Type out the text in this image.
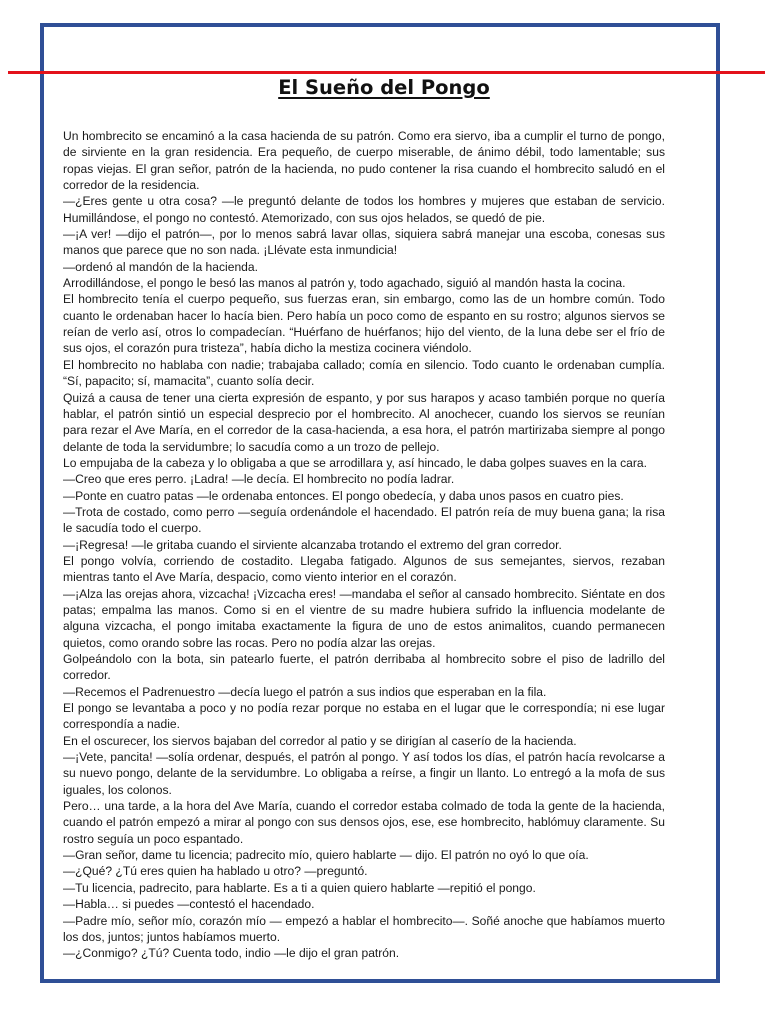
El Sueño del Pongo

Un hombrecito se encaminó a la casa hacienda de su patrón. Como era siervo, iba a cumplir el turno de pongo, de sirviente en la gran residencia. Era pequeño, de cuerpo miserable, de ánimo débil, todo lamentable; sus ropas viejas. El gran señor, patrón de la hacienda, no pudo contener la risa cuando el hombrecito saludó en el corredor de la residencia.

—¿Eres gente u otra cosa? —le preguntó delante de todos los hombres y mujeres que estaban de servicio. Humillándose, el pongo no contestó. Atemorizado, con sus ojos helados, se quedó de pie.

—¡A ver! —dijo el patrón—, por lo menos sabrá lavar ollas, siquiera sabrá manejar una escoba, conesas sus manos que parece que no son nada. ¡Llévate esta inmundicia!

—ordenó al mandón de la hacienda.

Arrodillándose, el pongo le besó las manos al patrón y, todo agachado, siguió al mandón hasta la cocina.

El hombrecito tenía el cuerpo pequeño, sus fuerzas eran, sin embargo, como las de un hombre común. Todo cuanto le ordenaban hacer lo hacía bien. Pero había un poco como de espanto en su rostro; algunos siervos se reían de verlo así, otros lo compadecían. “Huérfano de huérfanos; hijo del viento, de la luna debe ser el frío de sus ojos, el corazón pura tristeza”, había dicho la mestiza cocinera viéndolo.

El hombrecito no hablaba con nadie; trabajaba callado; comía en silencio. Todo cuanto le ordenaban cumplía. “Sí, papacito; sí, mamacita”, cuanto solía decir.

Quizá a causa de tener una cierta expresión de espanto, y por sus harapos y acaso también porque no quería hablar, el patrón sintió un especial desprecio por el hombrecito. Al anochecer, cuando los siervos se reunían para rezar el Ave María, en el corredor de la casa-hacienda, a esa hora, el patrón martirizaba siempre al pongo delante de toda la servidumbre; lo sacudía como a un trozo de pellejo.

Lo empujaba de la cabeza y lo obligaba a que se arrodillara y, así hincado, le daba golpes suaves en la cara.

—Creo que eres perro. ¡Ladra! —le decía. El hombrecito no podía ladrar.

—Ponte en cuatro patas —le ordenaba entonces. El pongo obedecía, y daba unos pasos en cuatro pies.

—Trota de costado, como perro —seguía ordenándole el hacendado. El patrón reía de muy buena gana; la risa le sacudía todo el cuerpo.

—¡Regresa! —le gritaba cuando el sirviente alcanzaba trotando el extremo del gran corredor.

El pongo volvía, corriendo de costadito. Llegaba fatigado. Algunos de sus semejantes, siervos, rezaban mientras tanto el Ave María, despacio, como viento interior en el corazón.

—¡Alza las orejas ahora, vizcacha! ¡Vizcacha eres! —mandaba el señor al cansado hombrecito. Siéntate en dos patas; empalma las manos. Como si en el vientre de su madre hubiera sufrido la influencia modelante de alguna vizcacha, el pongo imitaba exactamente la figura de uno de estos animalitos, cuando permanecen quietos, como orando sobre las rocas. Pero no podía alzar las orejas.

Golpeándolo con la bota, sin patearlo fuerte, el patrón derribaba al hombrecito sobre el piso de ladrillo del corredor.

—Recemos el Padrenuestro —decía luego el patrón a sus indios que esperaban en la fila.

El pongo se levantaba a poco y no podía rezar porque no estaba en el lugar que le correspondía; ni ese lugar correspondía a nadie.

En el oscurecer, los siervos bajaban del corredor al patio y se dirigían al caserío de la hacienda.

—¡Vete, pancita! —solía ordenar, después, el patrón al pongo. Y así todos los días, el patrón hacía revolcarse a su nuevo pongo, delante de la servidumbre. Lo obligaba a reírse, a fingir un llanto. Lo entregó a la mofa de sus iguales, los colonos.

Pero… una tarde, a la hora del Ave María, cuando el corredor estaba colmado de toda la gente de la hacienda, cuando el patrón empezó a mirar al pongo con sus densos ojos, ese, ese hombrecito, hablómuy claramente. Su rostro seguía un poco espantado.

—Gran señor, dame tu licencia; padrecito mío, quiero hablarte — dijo. El patrón no oyó lo que oía.

—¿Qué? ¿Tú eres quien ha hablado u otro? —preguntó.

—Tu licencia, padrecito, para hablarte. Es a ti a quien quiero hablarte —repitió el pongo.

—Habla… si puedes —contestó el hacendado.

—Padre mío, señor mío, corazón mío — empezó a hablar el hombrecito—. Soñé anoche que habíamos muerto los dos, juntos; juntos habíamos muerto.

—¿Conmigo? ¿Tú? Cuenta todo, indio —le dijo el gran patrón.
